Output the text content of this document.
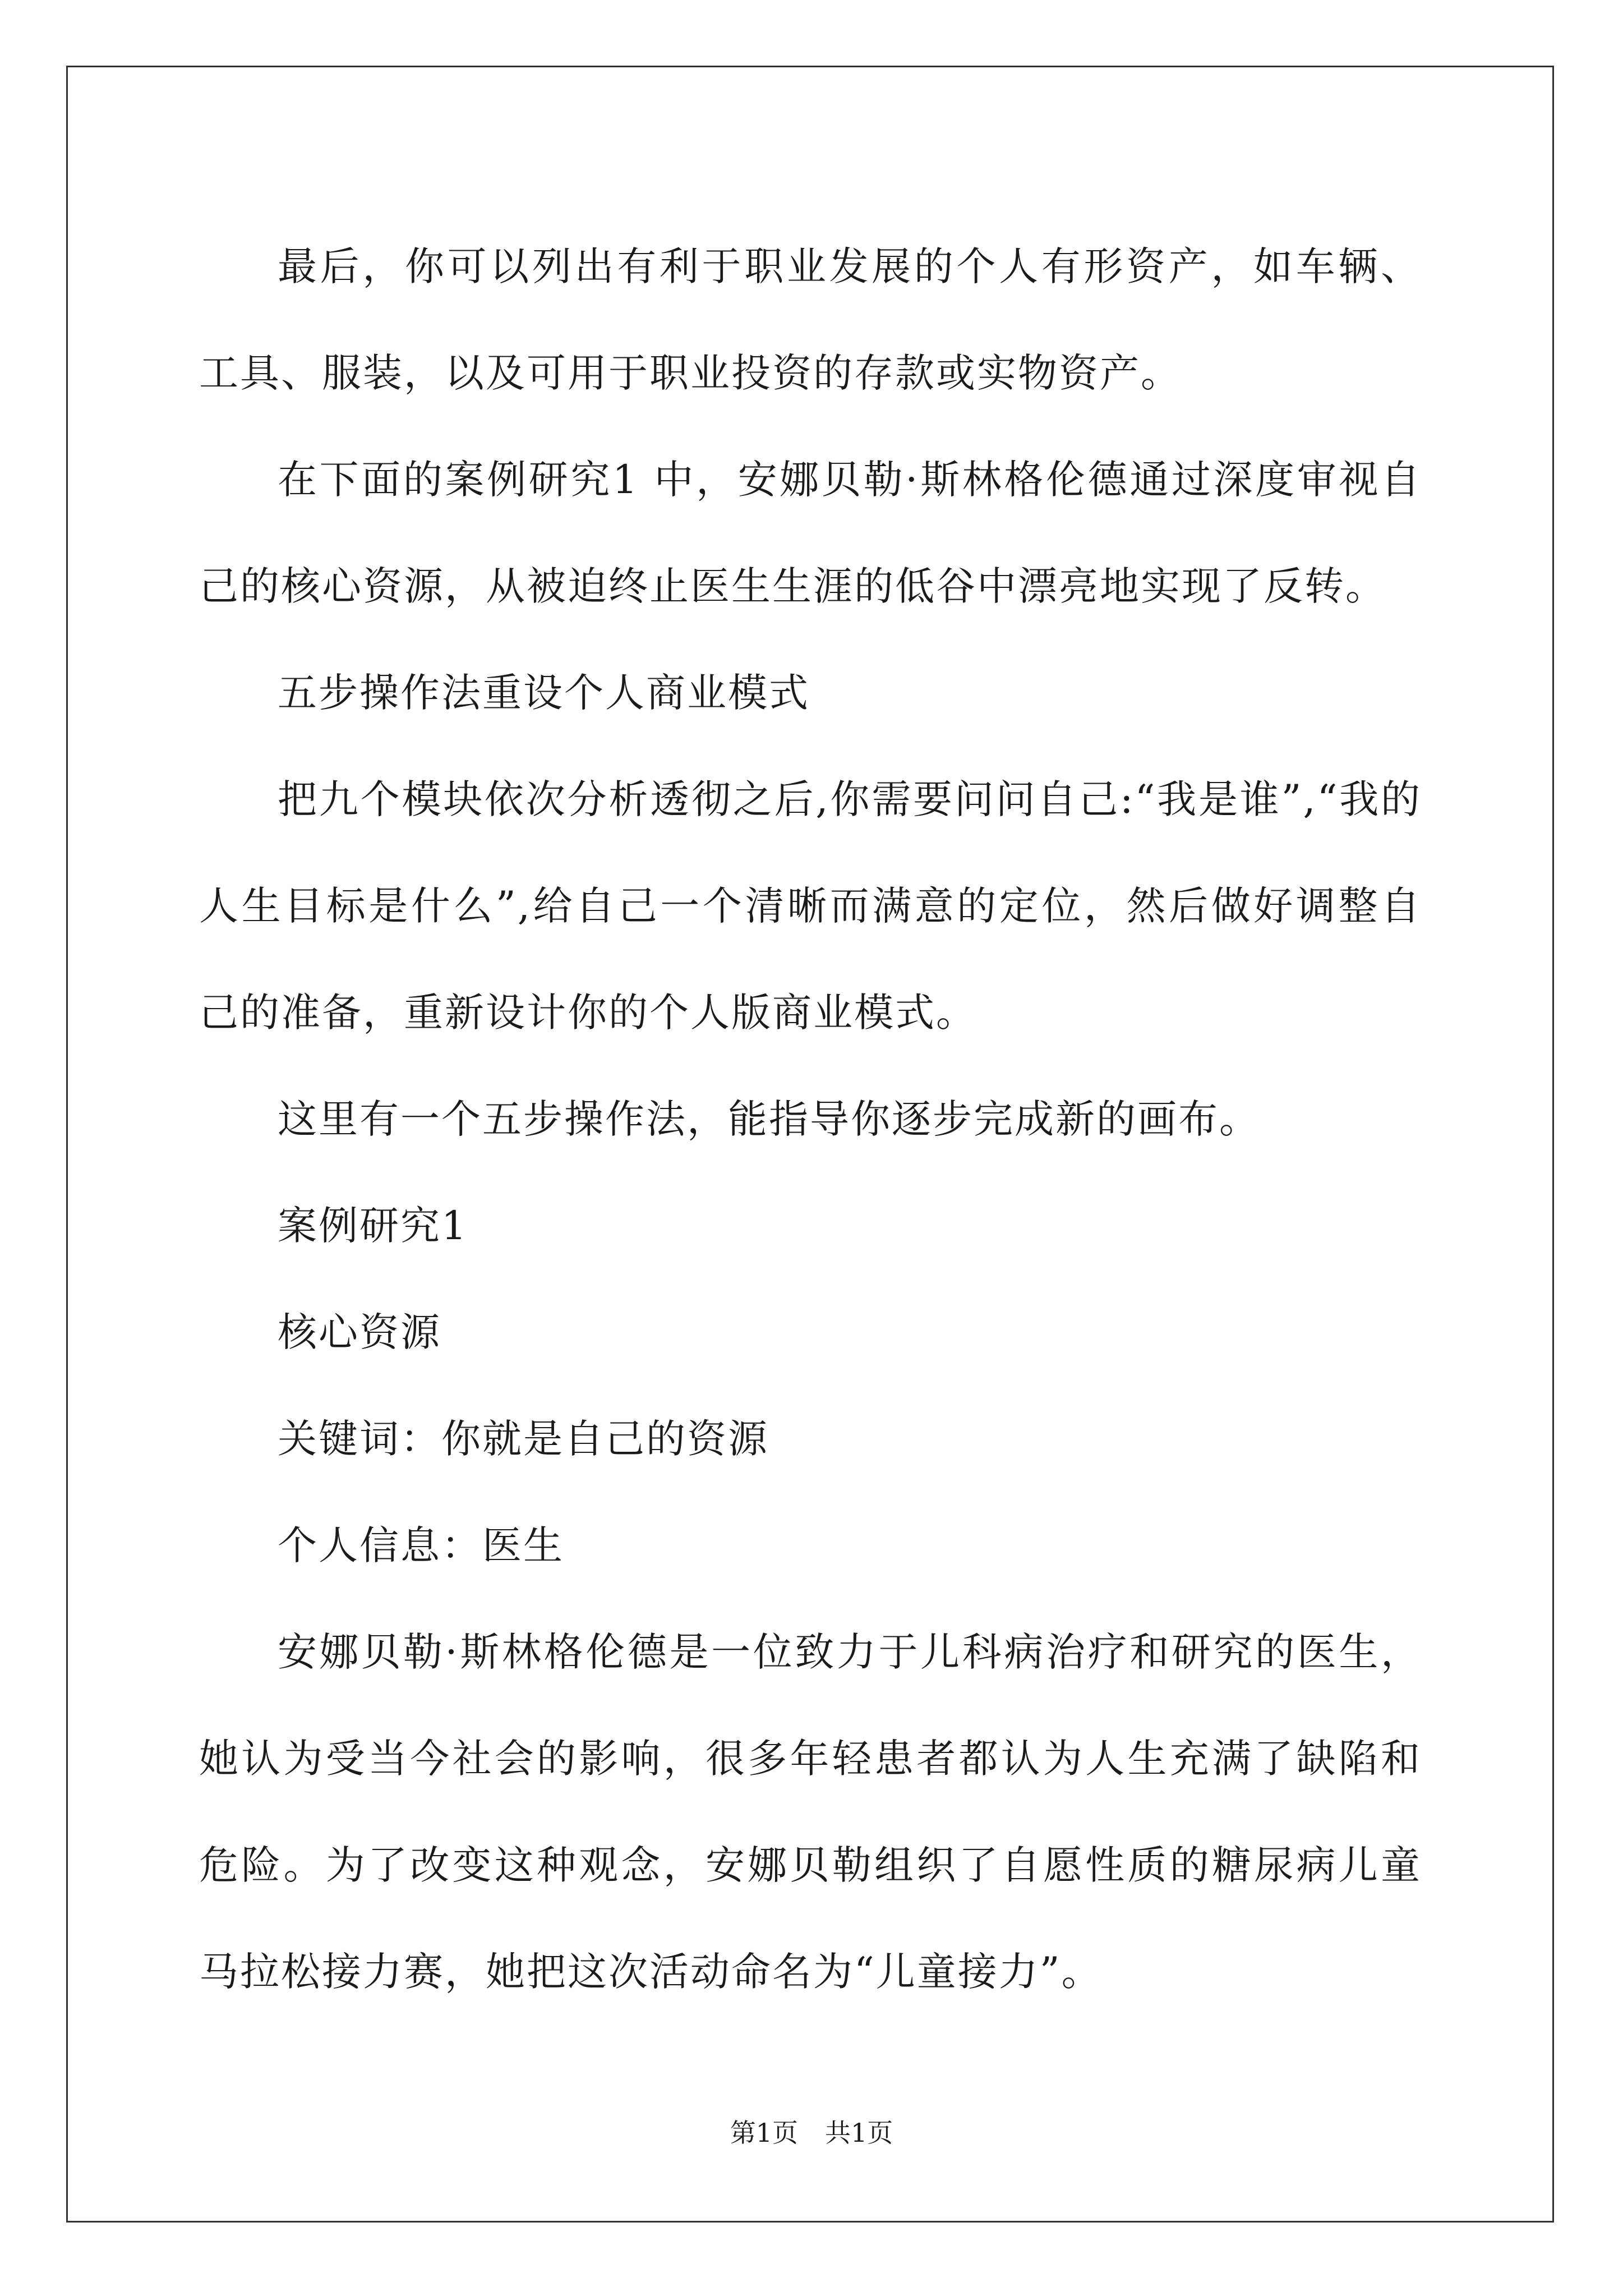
最后，你可以列出有利于职业发展的个人有形资产，如车辆、工具、服装，以及可用于职业投资的存款或实物资产。

在下面的案例研究1 中，安娜贝勒·斯林格伦德通过深度审视自己的核心资源，从被迫终止医生生涯的低谷中漂亮地实现了反转。

五步操作法重设个人商业模式

把九个模块依次分析透彻之后,你需要问问自己:“我是谁”,“我的人生目标是什么”,给自己一个清晰而满意的定位，然后做好调整自己的准备，重新设计你的个人版商业模式。

这里有一个五步操作法，能指导你逐步完成新的画布。

案例研究1

核心资源

关键词：你就是自己的资源

个人信息：医生

安娜贝勒·斯林格伦德是一位致力于儿科病治疗和研究的医生，她认为受当今社会的影响，很多年轻患者都认为人生充满了缺陷和危险。为了改变这种观念，安娜贝勒组织了自愿性质的糖尿病儿童马拉松接力赛，她把这次活动命名为“儿童接力”。

第1页 共1页
